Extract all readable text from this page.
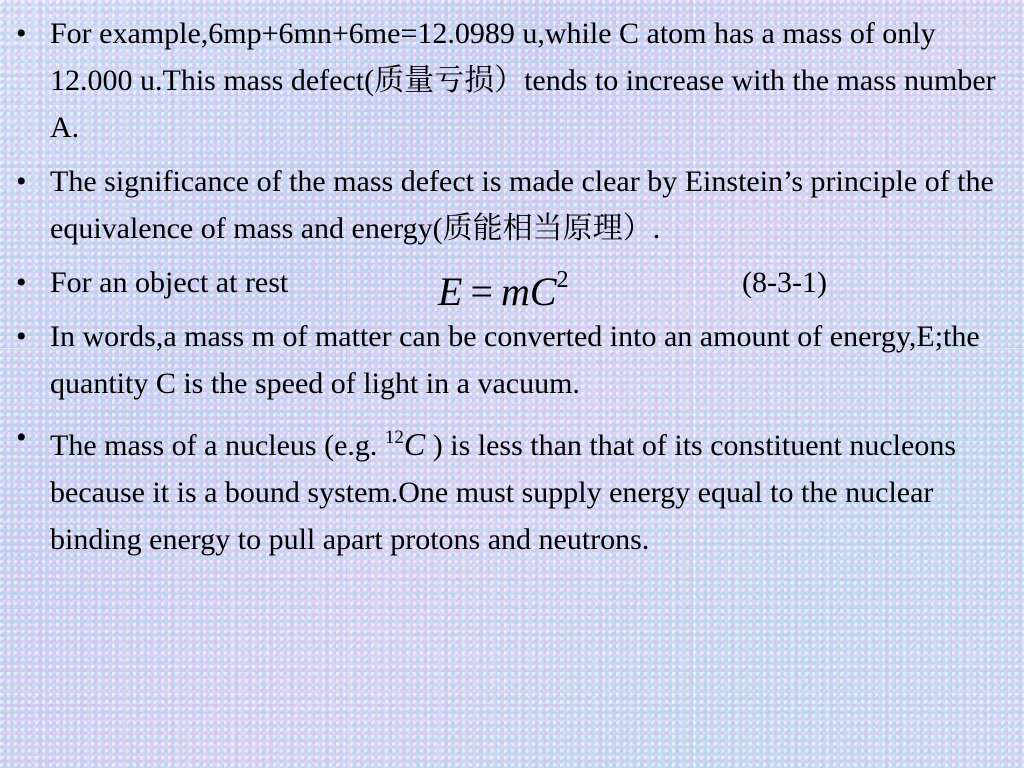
• For example,6mp+6mn+6me=12.0989 u,while C atom has a mass of only 12.000 u.This mass defect(质量亏损）tends to increase with the mass number A.
• The significance of the mass defect is made clear by Einstein’s principle of the equivalence of mass and energy(质能相当原理）.
• For an object at rest	$E = mC^2$	(8-3-1)
• In words,a mass m of matter can be converted into an amount of energy,E;the quantity C is the speed of light in a vacuum.
• The mass of a nucleus (e.g. $^{12}$C ) is less than that of its constituent nucleons because it is a bound system.One must supply energy equal to the nuclear binding energy to pull apart protons and neutrons.
